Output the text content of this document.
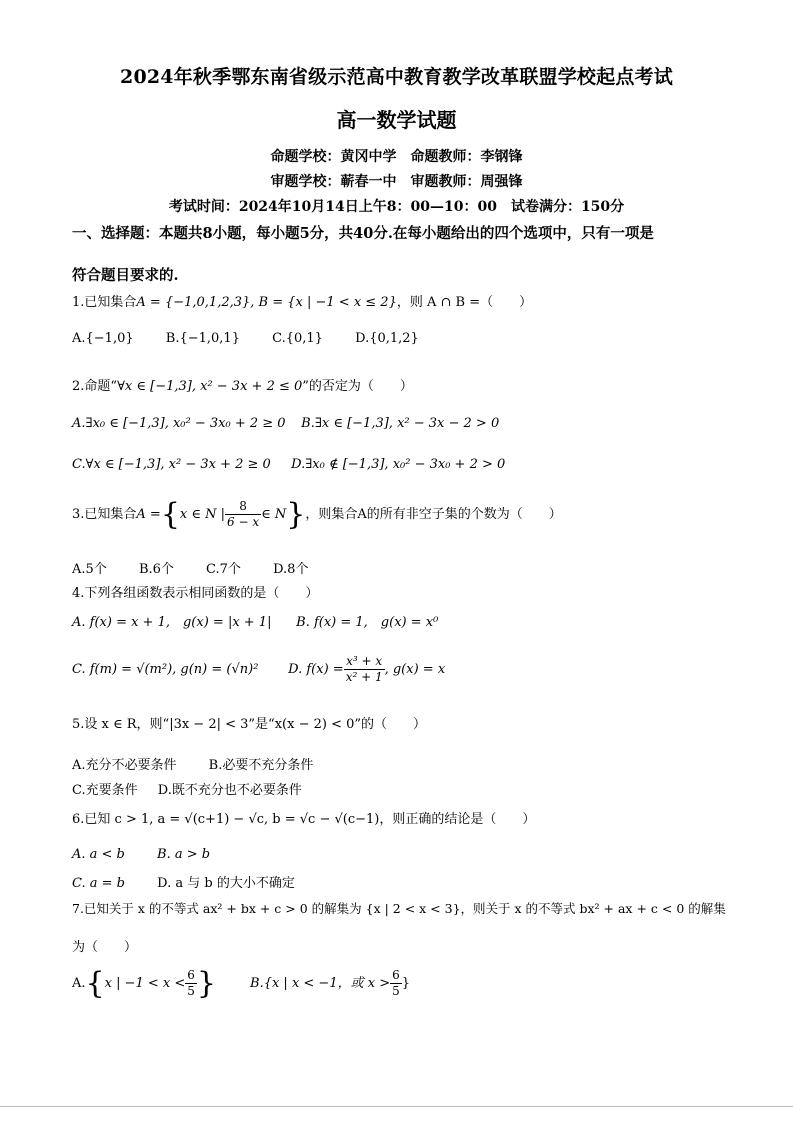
2024年秋季鄂东南省级示范高中教育教学改革联盟学校起点考试
高一数学试题
命题学校：黄冈中学　命题教师：李钢锋
审题学校：蕲春一中　审题教师：周强锋
考试时间：2024年10月14日上午8：00—10：00　试卷满分：150分
一、选择题：本题共8小题，每小题5分，共40分.在每小题给出的四个选项中，只有一项是
符合题目要求的.
1.已知集合A = {−1,0,1,2,3}, B = {x | −1 < x ≤ 2}，则 A ∩ B =（　　）
A.{−1,0} B.{−1,0,1} C.{0,1} D.{0,1,2}
2.命题“∀x ∈ [−1,3], x² − 3x + 2 ≤ 0”的否定为（　　）
A.∃x₀ ∈ [−1,3], x₀² − 3x₀ + 2 ≥ 0 B.∃x ∈ [−1,3], x² − 3x − 2 > 0
C.∀x ∈ [−1,3], x² − 3x + 2 ≥ 0 D.∃x₀ ∉ [−1,3], x₀² − 3x₀ + 2 > 0
3.已知集合A ={x ∈ N | $\frac{8}{6 - x}$ ∈ N}，则集合A的所有非空子集的个数为（　　）
A.5个 B.6个 C.7个 D.8个
4.下列各组函数表示相同函数的是（　　）
A. f(x) = x + 1,　g(x) = |x + 1| B. f(x) = 1,　g(x) = x⁰
C. f(m) = √(m²), g(n) = (√n)² D. $f(x) = \frac{\text{x³ + x}}{\text{x² + 1}}$ , g(x) = x
5.设 x ∈ R，则“|3x − 2| < 3”是“x(x − 2) < 0”的（　　）
A.充分不必要条件 B.必要不充分条件
C.充要条件 D.既不充分也不必要条件
6.已知 c > 1, a = √(c+1) − √c, b = √c − √(c−1)，则正确的结论是（　　）
A. a < b B. a > b
C. a = b D. a 与 b 的大小不确定
7.已知关于 x 的不等式 ax² + bx + c > 0 的解集为 {x | 2 < x < 3}，则关于 x 的不等式 bx² + ax + c < 0 的解集
为（　　）
A.{x | $-1 < x < \frac{6}{5}$ }	B.{x | x < −1，或 $x > \frac{6}{5}$ }
